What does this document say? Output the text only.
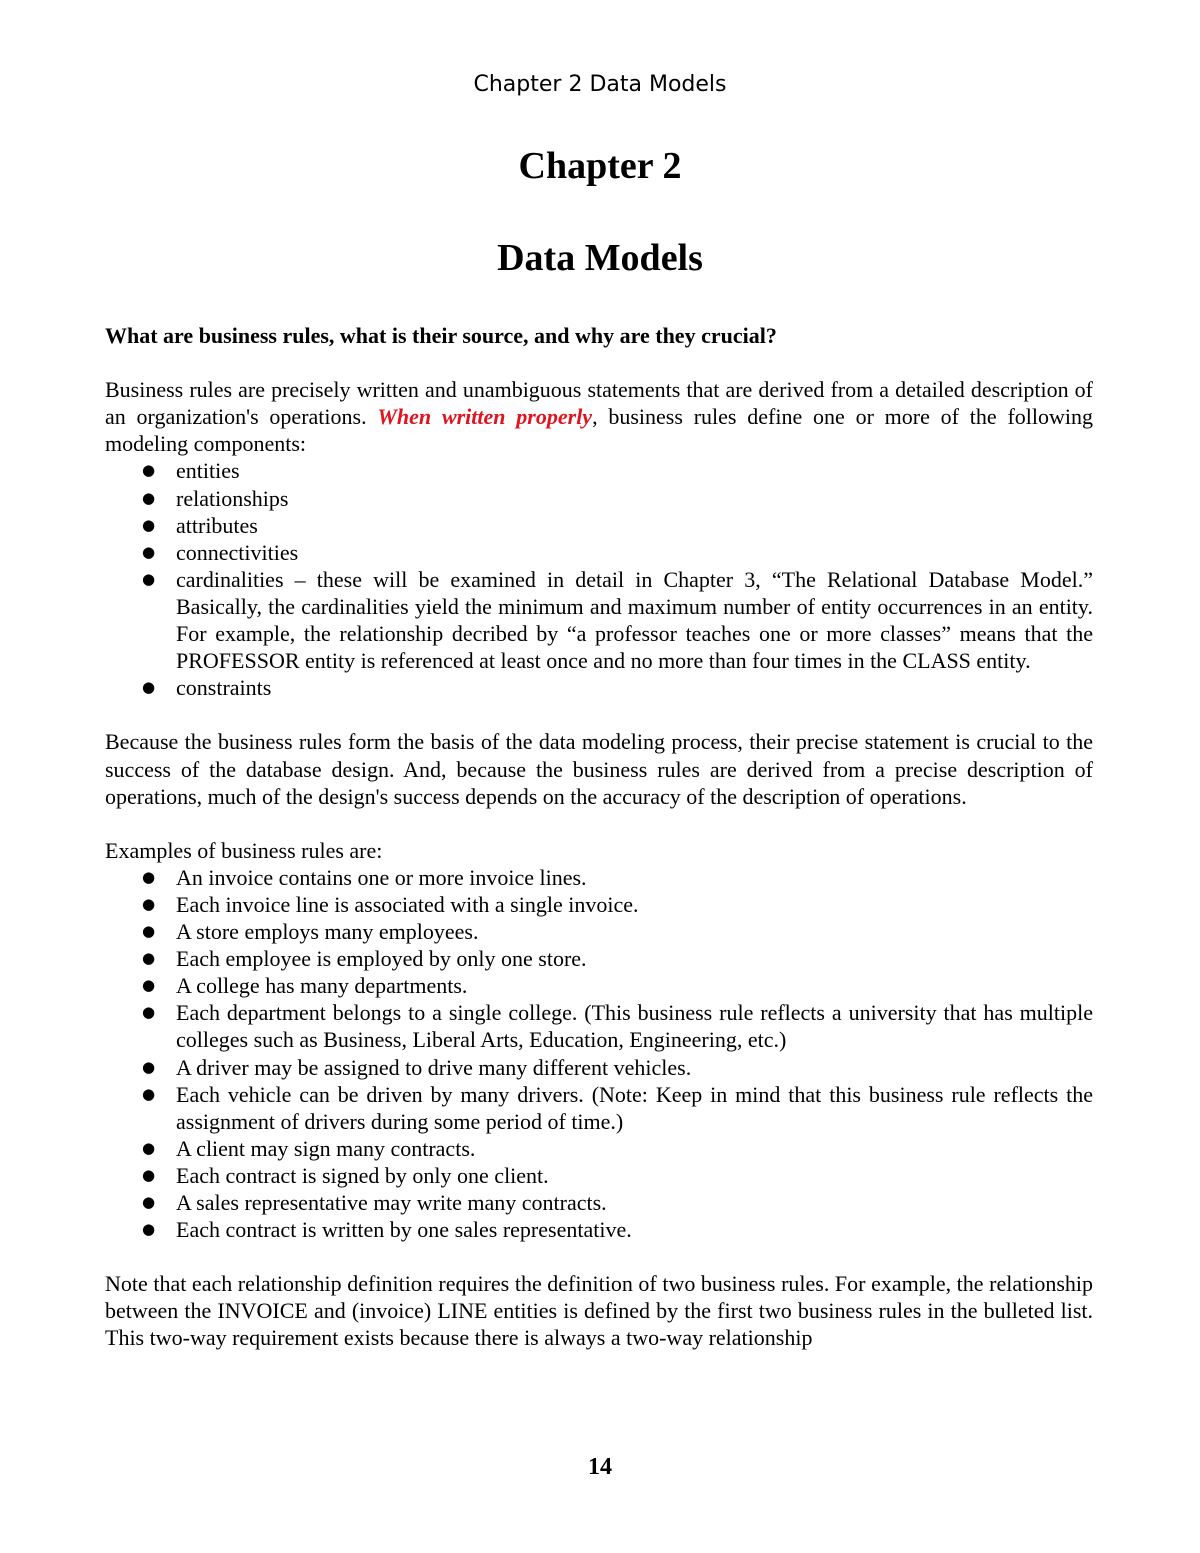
Chapter 2 Data Models
Chapter 2
Data Models

What are business rules, what is their source, and why are they crucial?

Business rules are precisely written and unambiguous statements that are derived from a detailed description of an organization's operations. When written properly, business rules define one or more of the following modeling components:

● entities
● relationships
● attributes
● connectivities
● cardinalities – these will be examined in detail in Chapter 3, “The Relational Database Model.” Basically, the cardinalities yield the minimum and maximum number of entity occurrences in an entity. For example, the relationship decribed by “a professor teaches one or more classes” means that the PROFESSOR entity is referenced at least once and no more than four times in the CLASS entity.
● constraints

Because the business rules form the basis of the data modeling process, their precise statement is crucial to the success of the database design. And, because the business rules are derived from a precise description of operations, much of the design's success depends on the accuracy of the description of operations.

Examples of business rules are:

● An invoice contains one or more invoice lines.
● Each invoice line is associated with a single invoice.
● A store employs many employees.
● Each employee is employed by only one store.
● A college has many departments.
● Each department belongs to a single college. (This business rule reflects a university that has multiple colleges such as Business, Liberal Arts, Education, Engineering, etc.)
● A driver may be assigned to drive many different vehicles.
● Each vehicle can be driven by many drivers. (Note: Keep in mind that this business rule reflects the assignment of drivers during some period of time.)
● A client may sign many contracts.
● Each contract is signed by only one client.
● A sales representative may write many contracts.
● Each contract is written by one sales representative.

Note that each relationship definition requires the definition of two business rules. For example, the relationship between the INVOICE and (invoice) LINE entities is defined by the first two business rules in the bulleted list. This two-way requirement exists because there is always a two-way relationship

14
